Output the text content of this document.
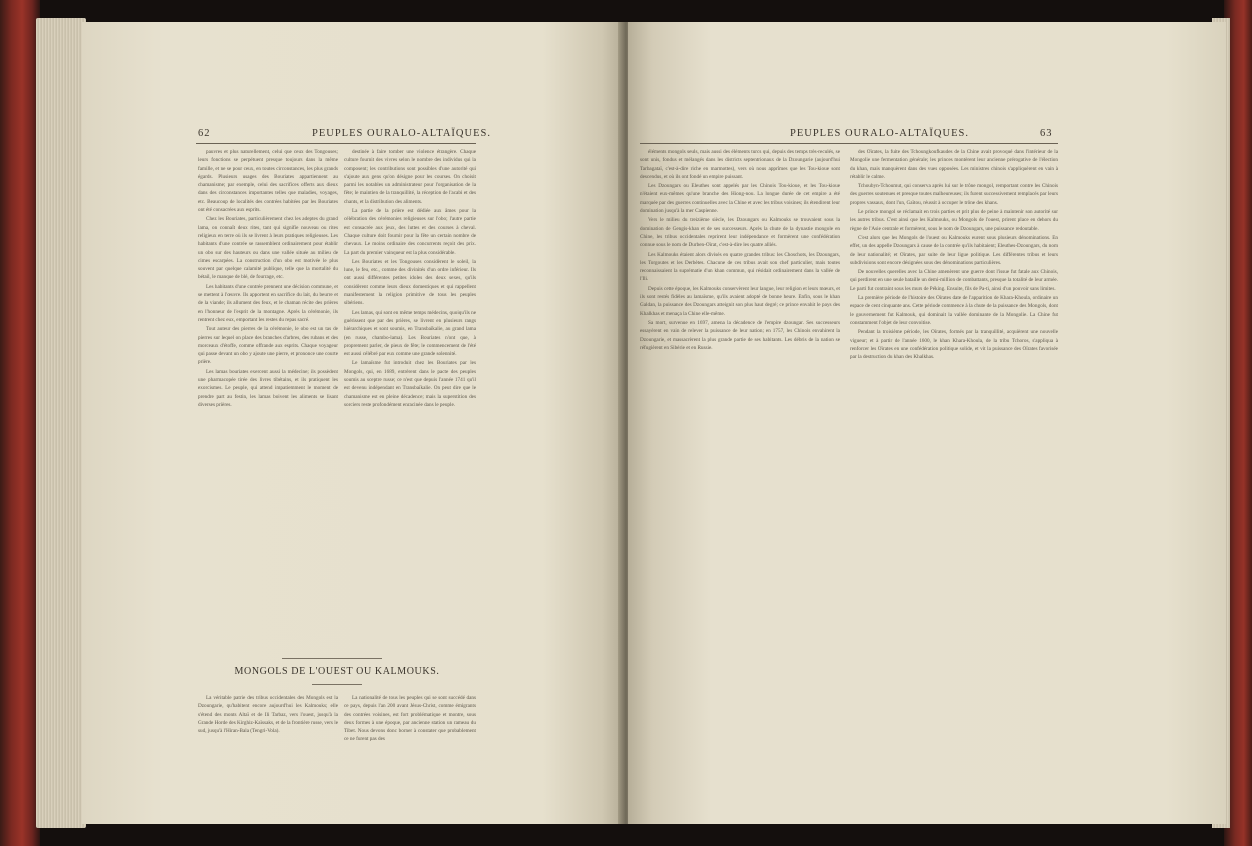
62	PEUPLES OURALO-ALTAÏQUES.

pauvres et plus naturellement, celui que ceux des Tongouses; leurs fonctions se perpétuent presque toujours dans la même famille, et ne se pour ceux, en toutes circonstances, les plus grands égards. Plusieurs usages des Bouriates appartiennent au chamanisme; par exemple, celui des sacrifices offerts aux dieux dans des circonstances importantes telles que maladies, voyages, etc. Beaucoup de localités des contrées habitées par les Bouriates ont été consacrées aux esprits.

Chez les Bouriates, particulièrement chez les adeptes du grand lama, on connaît deux rites, tant qui signifie nouveau ou rites religieux en terre où ils se livrent à leurs pratiques religieuses. Les habitants d'une contrée se rassemblent ordinairement pour établir un obo sur des hauteurs ou dans une vallée située au milieu de cimes escarpées. La construction d'un obo est motivée le plus souvent par quelque calamité publique, telle que la mortalité du bétail, le manque de blé, de fourrage, etc.

Les habitants d'une contrée prennent une décision commune, et se mettent à l'œuvre. Ils apportent en sacrifice du lait, du beurre et de la viande; ils allument des feux, et le chaman récite des prières en l'honneur de l'esprit de la montagne. Après la cérémonie, ils rentrent chez eux, emportant les restes du repas sacré.

Tout auteur des pierres de la cérémonie, le obo est un tas de pierres sur lequel on place des branches d'arbres, des rubans et des morceaux d'étoffe, comme offrande aux esprits. Chaque voyageur qui passe devant un obo y ajoute une pierre, et prononce une courte prière.

Les lamas bouriates exercent aussi la médecine; ils possèdent une pharmacopée tirée des livres tibétains, et ils pratiquent les exorcismes. Le peuple, qui attend impatiemment le moment de prendre part au festin, les lamas boivent les aliments se lisant diverses prières.

destinée à faire tomber une violence étrangère. Chaque culture fournit des vivres selon le nombre des individus qui la composent; les contributions sont possibles d'une autorité qui s'ajoute aux gens qu'on désigne pour les courses. On choisit parmi les notables un administrateur pour l'organisation de la fête; le maintien de la tranquillité, la réception de l'acabi et des chants, et la distribution des aliments.

La partie de la prière est dédiée aux âmes pour la célébration des cérémonies religieuses sur l'obo; l'autre partie est consacrée aux jeux, des luttes et des courses à cheval. Chaque culture doit fournir pour la fête un certain nombre de chevaux. Le moins ordinaire des concurrents reçoit des prix. La part du premier vainqueur est la plus considérable.

Les Bouriates et les Tongouses considèrent le soleil, la lune, le feu, etc., comme des divinités d'un ordre inférieur. Ils ont aussi différentes petites idoles des deux sexes, qu'ils considèrent comme leurs dieux domestiques et qui rappellent manifestement la religion primitive de tous les peuples sibériens.

Les lamas, qui sont en même temps médecins, quoiqu'ils ne guérissent que par des prières, se livrent en plusieurs rangs hiérarchiques et sont soumis, en Transbaïkalie, au grand lama (en russe, chambo-lama). Les Bouriates n'ont que, à proprement parler, de pieux de fête; le commencement de l'été est aussi célébré par eux comme une grande solennité.

Le lamaïsme fut introduit chez les Bouriates par les Mongols, qui, en 1689, entrèrent dans le pacte des peuples soumis au sceptre russe; ce n'est que depuis l'année 1741 qu'il est devenu indépendant en Transbaïkalie. On peut dire que le chamanisme est en pleine décadence; mais la superstition des sorciers reste profondément enracinée dans le peuple.

MONGOLS DE L'OUEST OU KALMOUKS.

La véritable patrie des tribus occidentales des Mongols est la Dzoungarie, qu'habitent encore aujourd'hui les Kalmouks; elle s'étend des monts Altaï et de Ili Tarbaz, vers l'ouest, jusqu'à la Grande Horde des Kirghiz-Kaïssaks, et de la frontière russe, vers le sud, jusqu'à l'Hiran-Bala (Tengri-Vola).

La nationalité de tous les peuples qui se sont succédé dans ce pays, depuis l'an 200 avant Jésus-Christ, comme émigrants des contrées voisines, est fort problématique et montre, sous deux formes à une époque, par ancienne station un rameau du Tibet. Nous devons donc borner à constater que probablement ce ne furent pas des

PEUPLES OURALO-ALTAÏQUES.	63

éléments mongols seuls, mais aussi des éléments turcs qui, depuis des temps très-reculés, se sont unis, fondus et mélangés dans les districts septentrionaux de la Dzoungarie (aujourd'hui Tarbagataï, c'est-à-dire riche en marmottes), vers où nous apprîmes que les Tou-kioue sont descendus, et où ils ont fondé un empire puissant.

Les Dzoungars ou Eleuthes sont appelés par les Chinois Tou-kioue, et les Tou-kioue n'étaient eux-mêmes qu'une branche des Hiong-nou. La longue durée de cet empire a été marquée par des guerres continuelles avec la Chine et avec les tribus voisines; ils étendirent leur domination jusqu'à la mer Caspienne.

Vers le milieu du treizième siècle, les Dzoungars ou Kalmouks se trouvaient sous la domination de Gengis-khan et de ses successeurs. Après la chute de la dynastie mongole en Chine, les tribus occidentales reprirent leur indépendance et formèrent une confédération connue sous le nom de Durben-Oïrat, c'est-à-dire les quatre alliés.

Les Kalmouks étaient alors divisés en quatre grandes tribus: les Choschots, les Dzoungars, les Torgoutes et les Derbètes. Chacune de ces tribus avait son chef particulier, mais toutes reconnaissaient la suprématie d'un khan commun, qui résidait ordinairement dans la vallée de l'Ili.

Depuis cette époque, les Kalmouks conservèrent leur langue, leur religion et leurs mœurs, et ils sont restés fidèles au lamaïsme, qu'ils avaient adopté de bonne heure. Enfin, sous le khan Galdan, la puissance des Dzoungars atteignit son plus haut degré; ce prince envahit le pays des Khalkhas et menaça la Chine elle-même.

Sa mort, survenue en 1697, amena la décadence de l'empire dzoungar. Ses successeurs essayèrent en vain de relever la puissance de leur nation; en 1757, les Chinois envahirent la Dzoungarie, et massacrèrent la plus grande partie de ses habitants. Les débris de la nation se réfugièrent en Sibérie et en Russie.

des Oïrates, la fuite des Tchoungkoufkaudes de la Chine avait provoqué dans l'intérieur de la Mongolie une fermentation générale; les princes montèrent leur ancienne prérogative de l'élection du khan, mais manquèrent dans des vues opposées. Les ministres chinois s'appliquèrent en vain à rétablir le calme.

Tchoubyn-Tchoumut, qui conserva après lui sur le trône mongol, remportant contre les Chinois des guerres soutenues et presque toutes malheureuses; ils furent successivement remplacés par leurs propres vassaux, dont l'un, Gaïtou, réussit à occuper le trône des khans.

Le prince mongol se réclamait en trois parties et prit plus de peine à maintenir son autorité sur les autres tribus. C'est ainsi que les Kalmouks, ou Mongols de l'ouest, prirent place en dehors du règne de l'Asie centrale et formèrent, sous le nom de Dzoungars, une puissance redoutable.

C'est alors que les Mongols de l'ouest ou Kalmouks eurent sous plusieurs dénominations. En effet, un des appelle Dzoungars à cause de la contrée qu'ils habitaient; Eleuthes-Dzoungars, du nom de leur nationalité; et Oïrates, par suite de leur ligue politique. Les différentes tribus et leurs subdivisions sont encore désignées sous des dénominations particulières.

De nouvelles querelles avec la Chine amenèrent une guerre dont l'issue fut fatale aux Chinois, qui perdirent en une seule bataille un demi-million de combattants, presque la totalité de leur armée. Le parti fut contraint sous les murs de Péking. Ensuite, fils de Pa-ti, ainsi d'un pouvoir sans limites.

La première période de l'histoire des Oïrates date de l'apparition de Khara-Khoula, ordinaire un espace de cent cinquante ans. Cette période commence à la chute de la puissance des Mongols, dont le gouvernement fut Kalmouk, qui dominait la vallée dominante de la Mongolie. La Chine fut constamment l'objet de leur convoitise.

Pendant la troisième période, les Oïrates, formés par la tranquillité, acquièrent une nouvelle vigueur; et à partir de l'année 1600, le khan Khara-Khoula, de la tribu Tchoros, s'appliqua à renforcer les Oïrates en une confédération politique solide, et vit la puissance des Oïrates favorisée par la destruction du khan des Khalkhas.
